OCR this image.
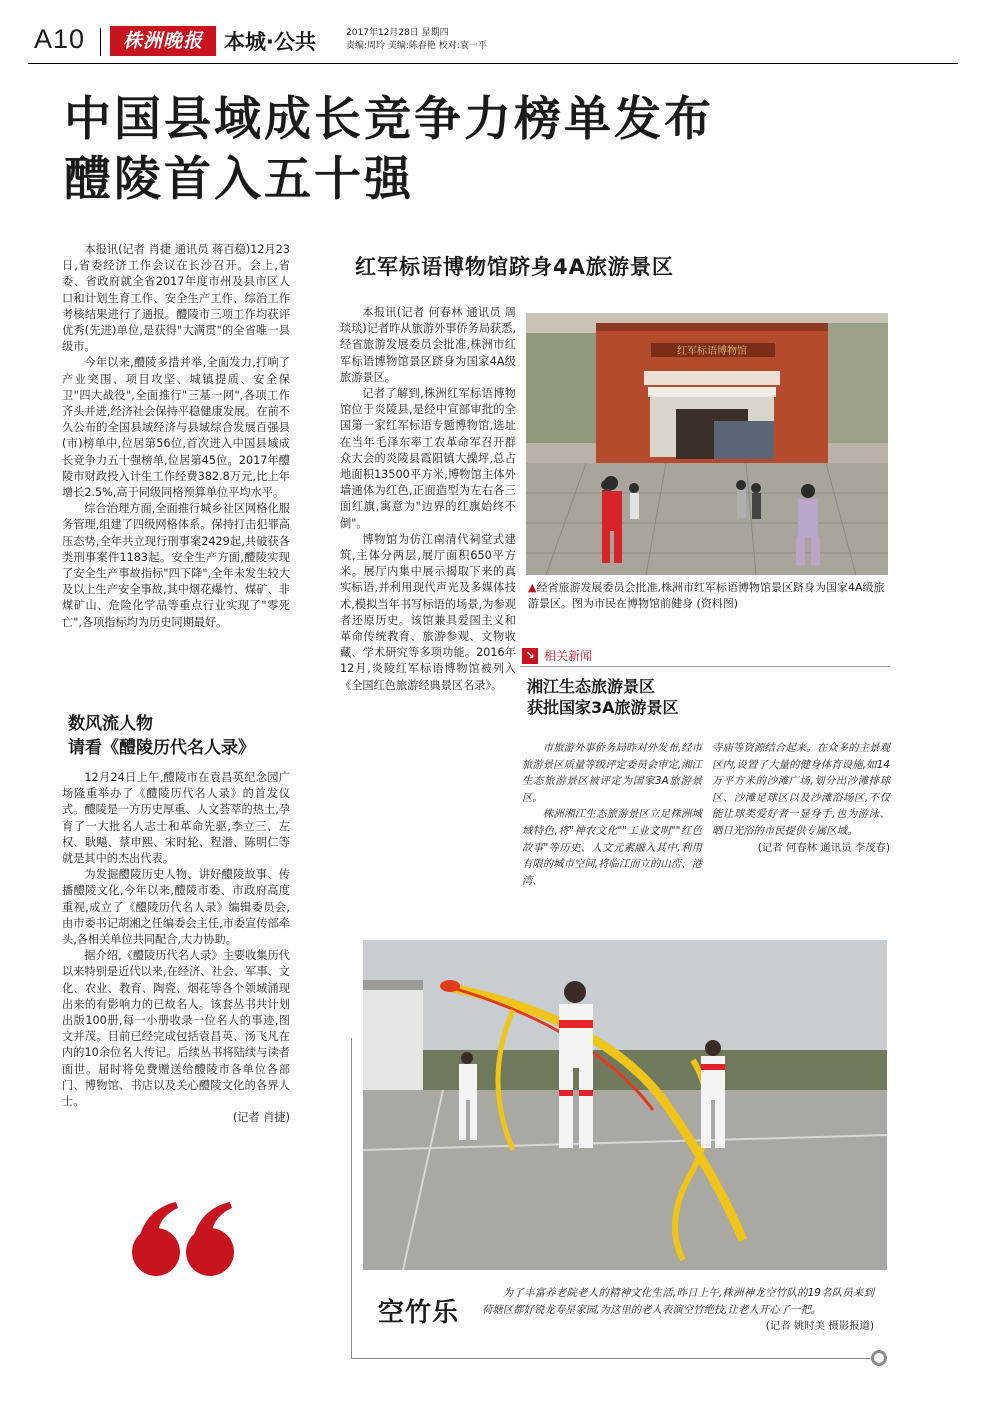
A10	株洲晚报	本城·公共	2017年12月28日 星期四
责编:周玲 美编:陈春艳 校对:袁一平
中国县域成长竞争力榜单发布
醴陵首入五十强

本报讯(记者 肖捷 通讯员 蒋百稳)12月23日,省委经济工作会议在长沙召开。会上,省委、省政府就全省2017年度市州及县市区人口和计划生育工作、安全生产工作、综治工作考核结果进行了通报。醴陵市三项工作均获评优秀(先进)单位,是获得"大满贯"的全省唯一县级市。

今年以来,醴陵多措并举,全面发力,打响了产业突围、项目攻坚、城镇提质、安全保卫"四大战役",全面推行"三基一网",各项工作齐头并进,经济社会保持平稳健康发展。在前不久公布的全国县域经济与县域综合发展百强县(市)榜单中,位居第56位,首次进入中国县域成长竞争力五十强榜单,位居第45位。2017年醴陵市财政投入计生工作经费382.8万元,比上年增长2.5%,高于同级同格预算单位平均水平。

综合治理方面,全面推行城乡社区网格化服务管理,组建了四级网格体系。保持打击犯罪高压态势,全年共立现行刑事案2429起,共破获各类刑事案件1183起。安全生产方面,醴陵实现了安全生产事故指标"四下降",全年未发生较大及以上生产安全事故,其中烟花爆竹、煤矿、非煤矿山、危险化学品等重点行业实现了"零死亡",各项指标均为历史同期最好。

数风流人物
请看《醴陵历代名人录》

12月24日上午,醴陵市在袁昌英纪念园广场隆重举办了《醴陵历代名人录》的首发仪式。醴陵是一方历史厚重、人文荟萃的热土,孕育了一大批名人志士和革命先驱,李立三、左权、耿飚、蔡申熙、宋时轮、程潜、陈明仁等就是其中的杰出代表。

为发掘醴陵历史人物、讲好醴陵故事、传播醴陵文化,今年以来,醴陵市委、市政府高度重视,成立了《醴陵历代名人录》编辑委员会,由市委书记胡湘之任编委会主任,市委宣传部牵头,各相关单位共同配合,大力协助。

据介绍,《醴陵历代名人录》主要收集历代以来特别是近代以来,在经济、社会、军事、文化、农业、教育、陶瓷、烟花等各个领域涌现出来的有影响力的已故名人。该套丛书共计划出版100册,每一小册收录一位名人的事迹,图文并茂。目前已经完成包括袁昌英、汤飞凡在内的10余位名人传记。后续丛书将陆续与读者面世。届时将免费赠送给醴陵市各单位各部门、博物馆、书店以及关心醴陵文化的各界人士。

(记者 肖捷)
红军标语博物馆跻身4A旅游景区

本报讯(记者 何春林 通讯员 周琰琰)记者昨从旅游外事侨务局获悉,经省旅游发展委员会批准,株洲市红军标语博物馆景区跻身为国家4A级旅游景区。

记者了解到,株洲红军标语博物馆位于炎陵县,是经中宣部审批的全国第一家红军标语专题博物馆,选址在当年毛泽东率工农革命军召开群众大会的炎陵县霞阳镇大操坪,总占地面积13500平方米,博物馆主体外墙通体为红色,正面造型为左右各三面红旗,寓意为"边界的红旗始终不倒"。

博物馆为仿江南清代祠堂式建筑,主体分两层,展厅面积650平方米。展厅内集中展示揭取下来的真实标语,并利用现代声光及多媒体技术,模拟当年书写标语的场景,为参观者还原历史。该馆兼具爱国主义和革命传统教育、旅游参观、文物收藏、学术研究等多项功能。2016年12月,炎陵红军标语博物馆被列入《全国红色旅游经典景区名录》。

红军标语博物馆
▲经省旅游发展委员会批准,株洲市红军标语博物馆景区跻身为国家4A级旅游景区。图为市民在博物馆前健身 (资料图)
↘ 相关新闻
湘江生态旅游景区
获批国家3A旅游景区

市旅游外事侨务局昨对外发布,经市旅游景区质量等级评定委员会审定,湘江生态旅游景区被评定为国家3A旅游景区。

株洲湘江生态旅游景区立足株洲城域特色,将"神农文化""工业文明""红色故事"等历史、人文元素融入其中,利用有限的城市空间,将临江而立的山峦、港湾、

寺庙等资源结合起来。在众多的主景观区内,设置了大量的健身体育设施,如14万平方米的沙滩广场,划分出沙滩排球区、沙滩足球区以及沙滩浴场区,不仅能让球类爱好者一显身手,也为游泳、晒日光浴的市民提供专属区域。

(记者 何春林 通讯员 李茂春)
空竹乐

为了丰富养老院老人的精神文化生活,昨日上午,株洲神龙空竹队的19名队员来到荷塘区都好锐龙寿星家园,为这里的老人表演空竹绝技,让老人开心了一把。

(记者 姚时美 摄影报道)
